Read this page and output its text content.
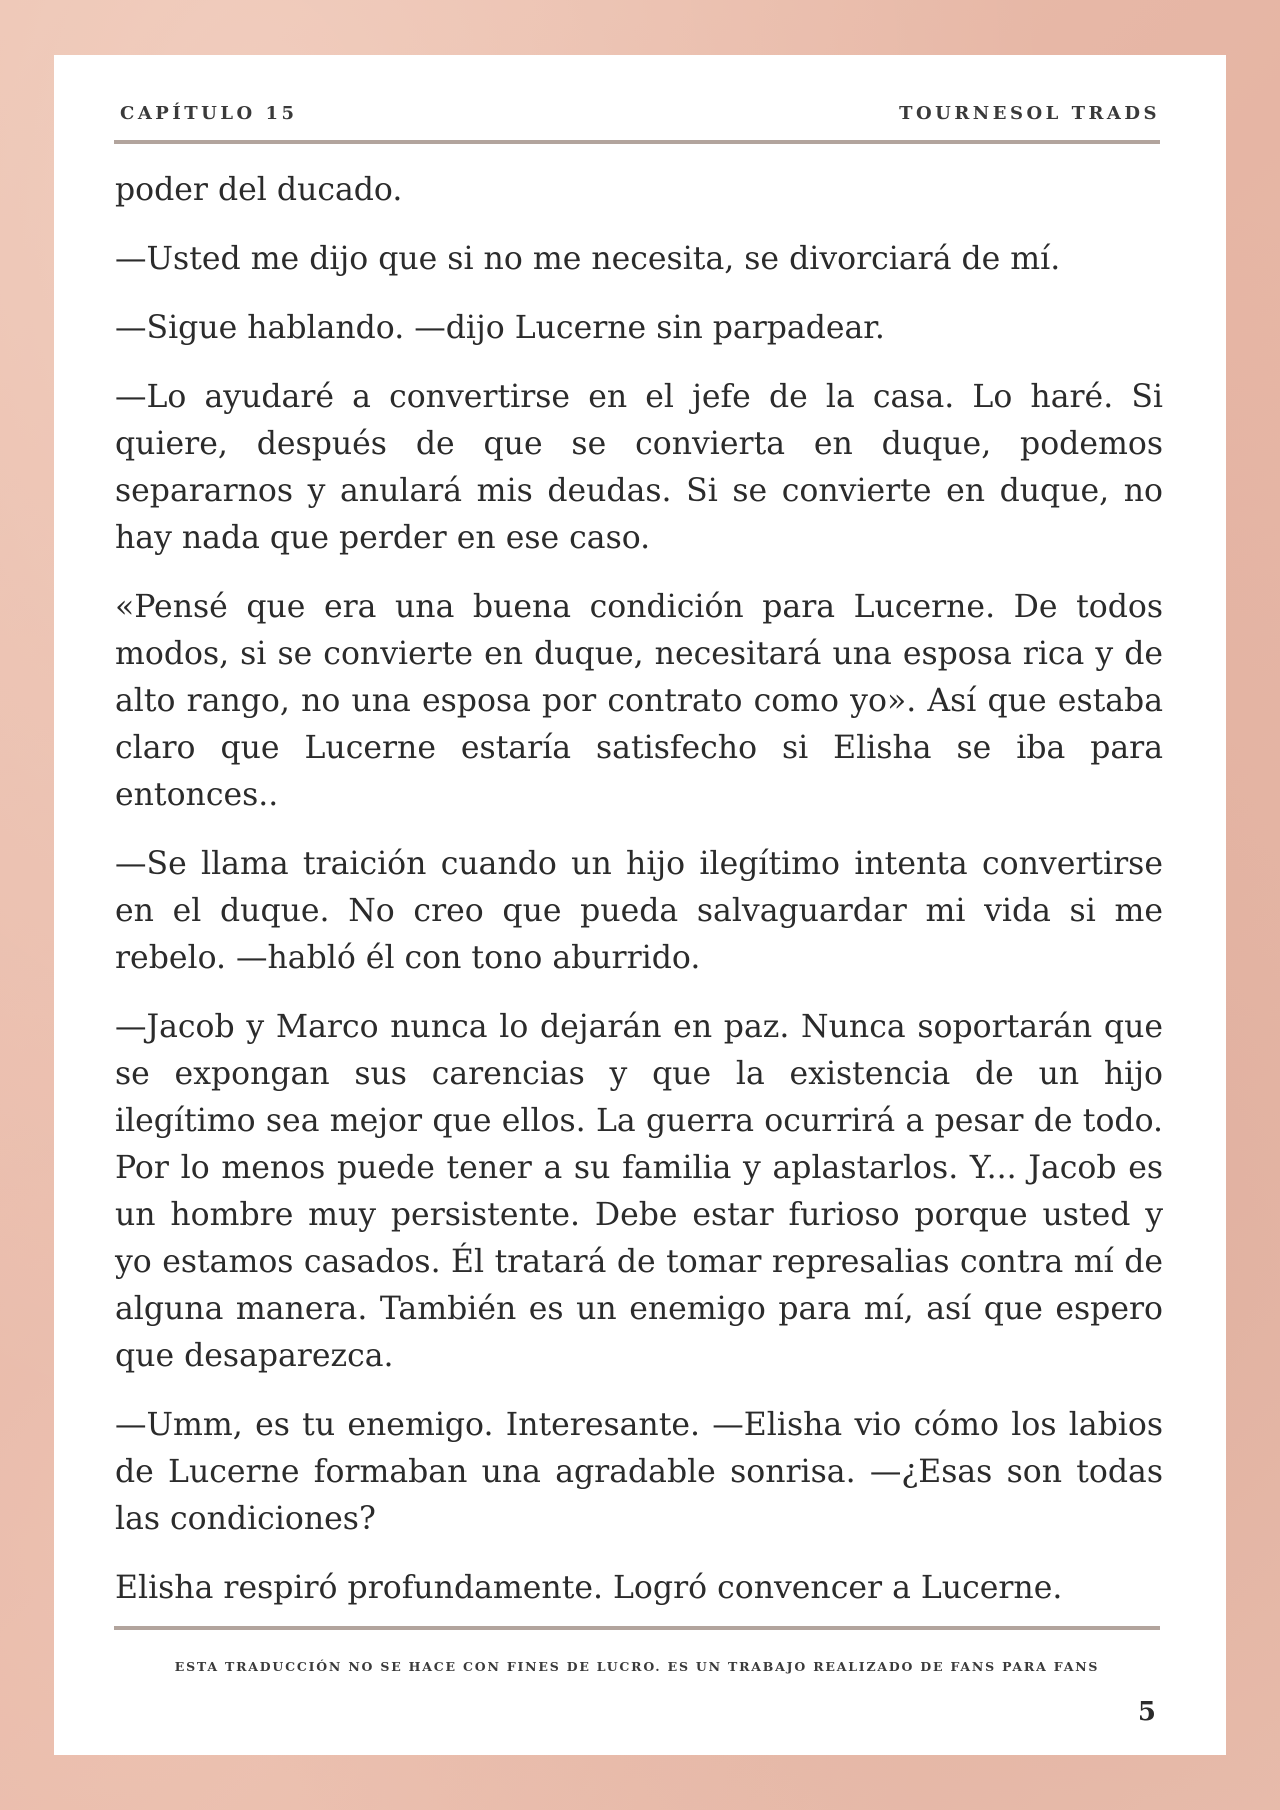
CAPÍTULO 15	TOURNESOL TRADS

poder del ducado.

—Usted me dijo que si no me necesita, se divorciará de mí.

—Sigue hablando. —dijo Lucerne sin parpadear.

—Lo ayudaré a convertirse en el jefe de la casa. Lo haré. Si quiere, después de que se convierta en duque, podemos separarnos y anulará mis deudas. Si se convierte en duque, no hay nada que perder en ese caso.

«Pensé que era una buena condición para Lucerne. De todos modos, si se convierte en duque, necesitará una esposa rica y de alto rango, no una esposa por contrato como yo». Así que estaba claro que Lucerne estaría satisfecho si Elisha se iba para entonces..

—Se llama traición cuando un hijo ilegítimo intenta convertirse en el duque. No creo que pueda salvaguardar mi vida si me rebelo. —habló él con tono aburrido.

—Jacob y Marco nunca lo dejarán en paz. Nunca soportarán que se expongan sus carencias y que la existencia de un hijo ilegítimo sea mejor que ellos. La guerra ocurrirá a pesar de todo. Por lo menos puede tener a su familia y aplastarlos. Y... Jacob es un hombre muy persistente. Debe estar furioso porque usted y yo estamos casados. Él tratará de tomar represalias contra mí de alguna manera. También es un enemigo para mí, así que espero que desaparezca.

—Umm, es tu enemigo. Interesante. —Elisha vio cómo los labios de Lucerne formaban una agradable sonrisa. —¿Esas son todas las condiciones?

Elisha respiró profundamente. Logró convencer a Lucerne.

ESTA TRADUCCIÓN NO SE HACE CON FINES DE LUCRO. ES UN TRABAJO REALIZADO DE FANS PARA FANS
5
